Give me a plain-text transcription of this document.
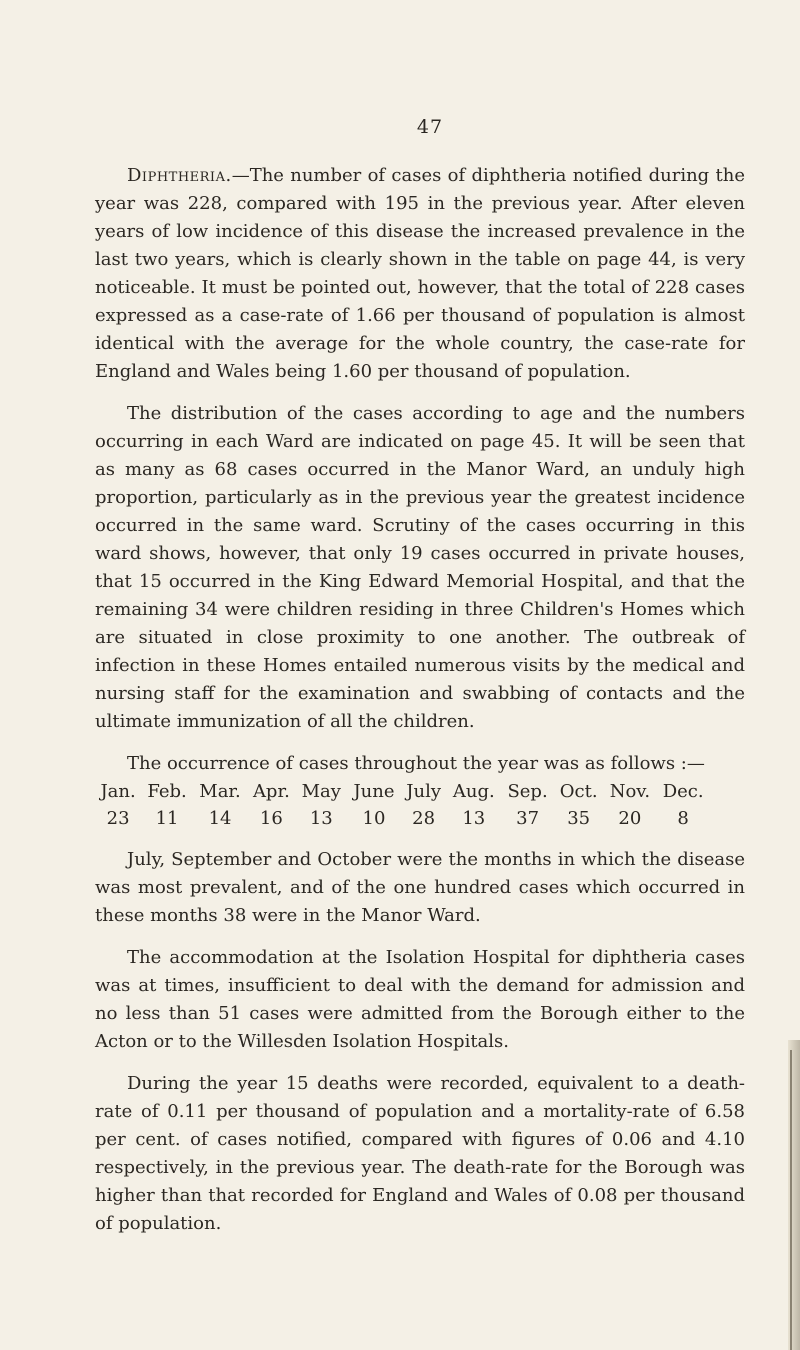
47

Diphtheria.—The number of cases of diphtheria notified during the year was 228, compared with 195 in the previous year. After eleven years of low incidence of this disease the increased prevalence in the last two years, which is clearly shown in the table on page 44, is very noticeable. It must be pointed out, however, that the total of 228 cases expressed as a case-rate of 1.66 per thousand of population is almost identical with the average for the whole country, the case-rate for England and Wales being 1.60 per thousand of population.

The distribution of the cases according to age and the numbers occurring in each Ward are indicated on page 45. It will be seen that as many as 68 cases occurred in the Manor Ward, an unduly high proportion, particularly as in the previous year the greatest incidence occurred in the same ward. Scrutiny of the cases occurring in this ward shows, however, that only 19 cases occurred in private houses, that 15 occurred in the King Edward Memorial Hospital, and that the remaining 34 were children residing in three Children's Homes which are situated in close proximity to one another. The outbreak of infection in these Homes entailed numerous visits by the medical and nursing staff for the examination and swabbing of contacts and the ultimate immunization of all the children.

The occurrence of cases throughout the year was as follows :—

Jan.	Feb.	Mar.	Apr.	May	June	July	Aug.	Sep.	Oct.	Nov.	Dec.
23	11	14	16	13	10	28	13	37	35	20	8

July, September and October were the months in which the disease was most prevalent, and of the one hundred cases which occurred in these months 38 were in the Manor Ward.

The accommodation at the Isolation Hospital for diphtheria cases was at times, insufficient to deal with the demand for admission and no less than 51 cases were admitted from the Borough either to the Acton or to the Willesden Isolation Hospitals.

During the year 15 deaths were recorded, equivalent to a death-rate of 0.11 per thousand of population and a mortality-rate of 6.58 per cent. of cases notified, compared with figures of 0.06 and 4.10 respectively, in the previous year. The death-rate for the Borough was higher than that recorded for England and Wales of 0.08 per thousand of population.
